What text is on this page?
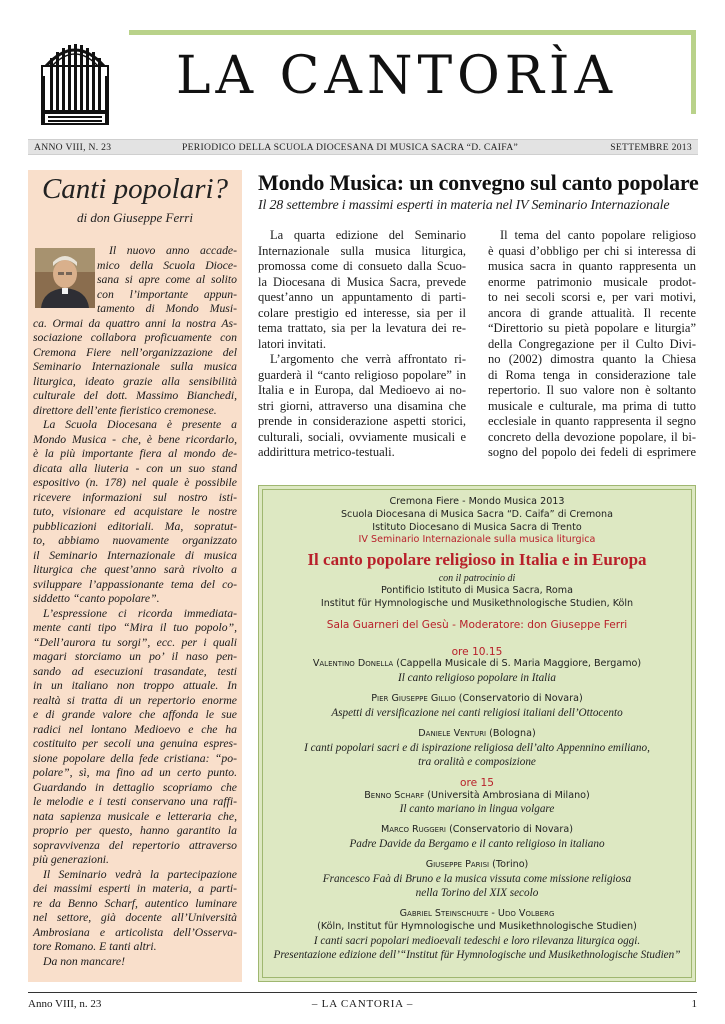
LA CANTORÌA
ANNO VIII, N. 23	PERIODICO DELLA SCUOLA DIOCESANA DI MUSICA SACRA “D. CAIFA”	SETTEMBRE 2013
Canti popolari?
di don Giuseppe Ferri
Il nuovo anno accade-
mico della Scuola Dioce-
sana si apre come al solito
con l’importante appun-
tamento di Mondo Musi-
ca. Ormai da quattro anni la nostra As-
sociazione collabora proficuamente con
Cremona Fiere nell’organizzazione del
Seminario Internazionale sulla musica
liturgica, ideato grazie alla sensibilità
culturale del dott. Massimo Bianchedi,
direttore dell’ente fieristico cremonese.
La Scuola Diocesana è presente a
Mondo Musica - che, è bene ricordarlo,
è la più importante fiera al mondo de-
dicata alla liuteria - con un suo stand
espositivo (n. 178) nel quale è possibile
ricevere informazioni sul nostro isti-
tuto, visionare ed acquistare le nostre
pubblicazioni editoriali. Ma, sopratut-
to, abbiamo nuovamente organizzato
il Seminario Internazionale di musica
liturgica che quest’anno sarà rivolto a
sviluppare l’appassionante tema del co-
siddetto “canto popolare”.
L’espressione ci ricorda immediata-
mente canti tipo “Mira il tuo popolo”,
“Dell’aurora tu sorgi”, ecc. per i quali
magari storciamo un po’ il naso pen-
sando ad esecuzioni trasandate, testi
in un italiano non troppo attuale. In
realtà si tratta di un repertorio enorme
e di grande valore che affonda le sue
radici nel lontano Medioevo e che ha
costituito per secoli una genuina espres-
sione popolare della fede cristiana: “po-
polare”, sì, ma fino ad un certo punto.
Guardando in dettaglio scopriamo che
le melodie e i testi conservano una raffi-
nata sapienza musicale e letteraria che,
proprio per questo, hanno garantito la
sopravvivenza del repertorio attraverso
più generazioni.
Il Seminario vedrà la partecipazione
dei massimi esperti in materia, a parti-
re da Benno Scharf, autentico luminare
nel settore, già docente all’Università
Ambrosiana e articolista dell’Osserva-
tore Romano. E tanti altri.
Da non mancare!
Mondo Musica: un convegno sul canto popolare
Il 28 settembre i massimi esperti in materia nel IV Seminario Internazionale
La quarta edizione del Seminario
Internazionale sulla musica liturgica,
promossa come di consueto dalla Scuo-
la Diocesana di Musica Sacra, prevede
quest’anno un appuntamento di parti-
colare prestigio ed interesse, sia per il
tema trattato, sia per la levatura dei re-
latori invitati.
L’argomento che verrà affrontato ri-
guarderà il “canto religioso popolare” in
Italia e in Europa, dal Medioevo ai no-
stri giorni, attraverso una disamina che
prende in considerazione aspetti storici,
culturali, sociali, ovviamente musicali e
addirittura metrico-testuali.
Il tema del canto popolare religioso
è quasi d’obbligo per chi si interessa di
musica sacra in quanto rappresenta un
enorme patrimonio musicale prodot-
to nei secoli scorsi e, per vari motivi,
ancora di grande attualità. Il recente
“Direttorio su pietà popolare e liturgia”
della Congregazione per il Culto Divi-
no (2002) dimostra quanto la Chiesa
di Roma tenga in considerazione tale
repertorio. Il suo valore non è soltanto
musicale e culturale, ma prima di tutto
ecclesiale in quanto rappresenta il segno
concreto della devozione popolare, il bi-
sogno del popolo dei fedeli di esprimere
Cremona Fiere - Mondo Musica 2013
Scuola Diocesana di Musica Sacra “D. Caifa” di Cremona
Istituto Diocesano di Musica Sacra di Trento
IV Seminario Internazionale sulla musica liturgica
Il canto popolare religioso in Italia e in Europa
con il patrocinio di
Pontificio Istituto di Musica Sacra, Roma
Institut für Hymnologische und Musikethnologische Studien, Köln
Sala Guarneri del Gesù - Moderatore: don Giuseppe Ferri
ore 10.15
Valentino Donella (Cappella Musicale di S. Maria Maggiore, Bergamo)
Il canto religioso popolare in Italia
Pier Giuseppe Gillio (Conservatorio di Novara)
Aspetti di versificazione nei canti religiosi italiani dell’Ottocento
Daniele Venturi (Bologna)
I canti popolari sacri e di ispirazione religiosa dell’alto Appennino emiliano,
tra oralità e composizione
ore 15
Benno Scharf (Università Ambrosiana di Milano)
Il canto mariano in lingua volgare
Marco Ruggeri (Conservatorio di Novara)
Padre Davide da Bergamo e il canto religioso in italiano
Giuseppe Parisi (Torino)
Francesco Faà di Bruno e la musica vissuta come missione religiosa
nella Torino del XIX secolo
Gabriel Steinschulte - Udo Volberg
(Köln, Institut für Hymnologische und Musikethnologische Studien)
I canti sacri popolari medioevali tedeschi e loro rilevanza liturgica oggi.
Presentazione edizione dell’“Institut für Hymnologische und Musikethnologische Studien”
Anno VIII, n. 23	– LA CANTORIA –	1
